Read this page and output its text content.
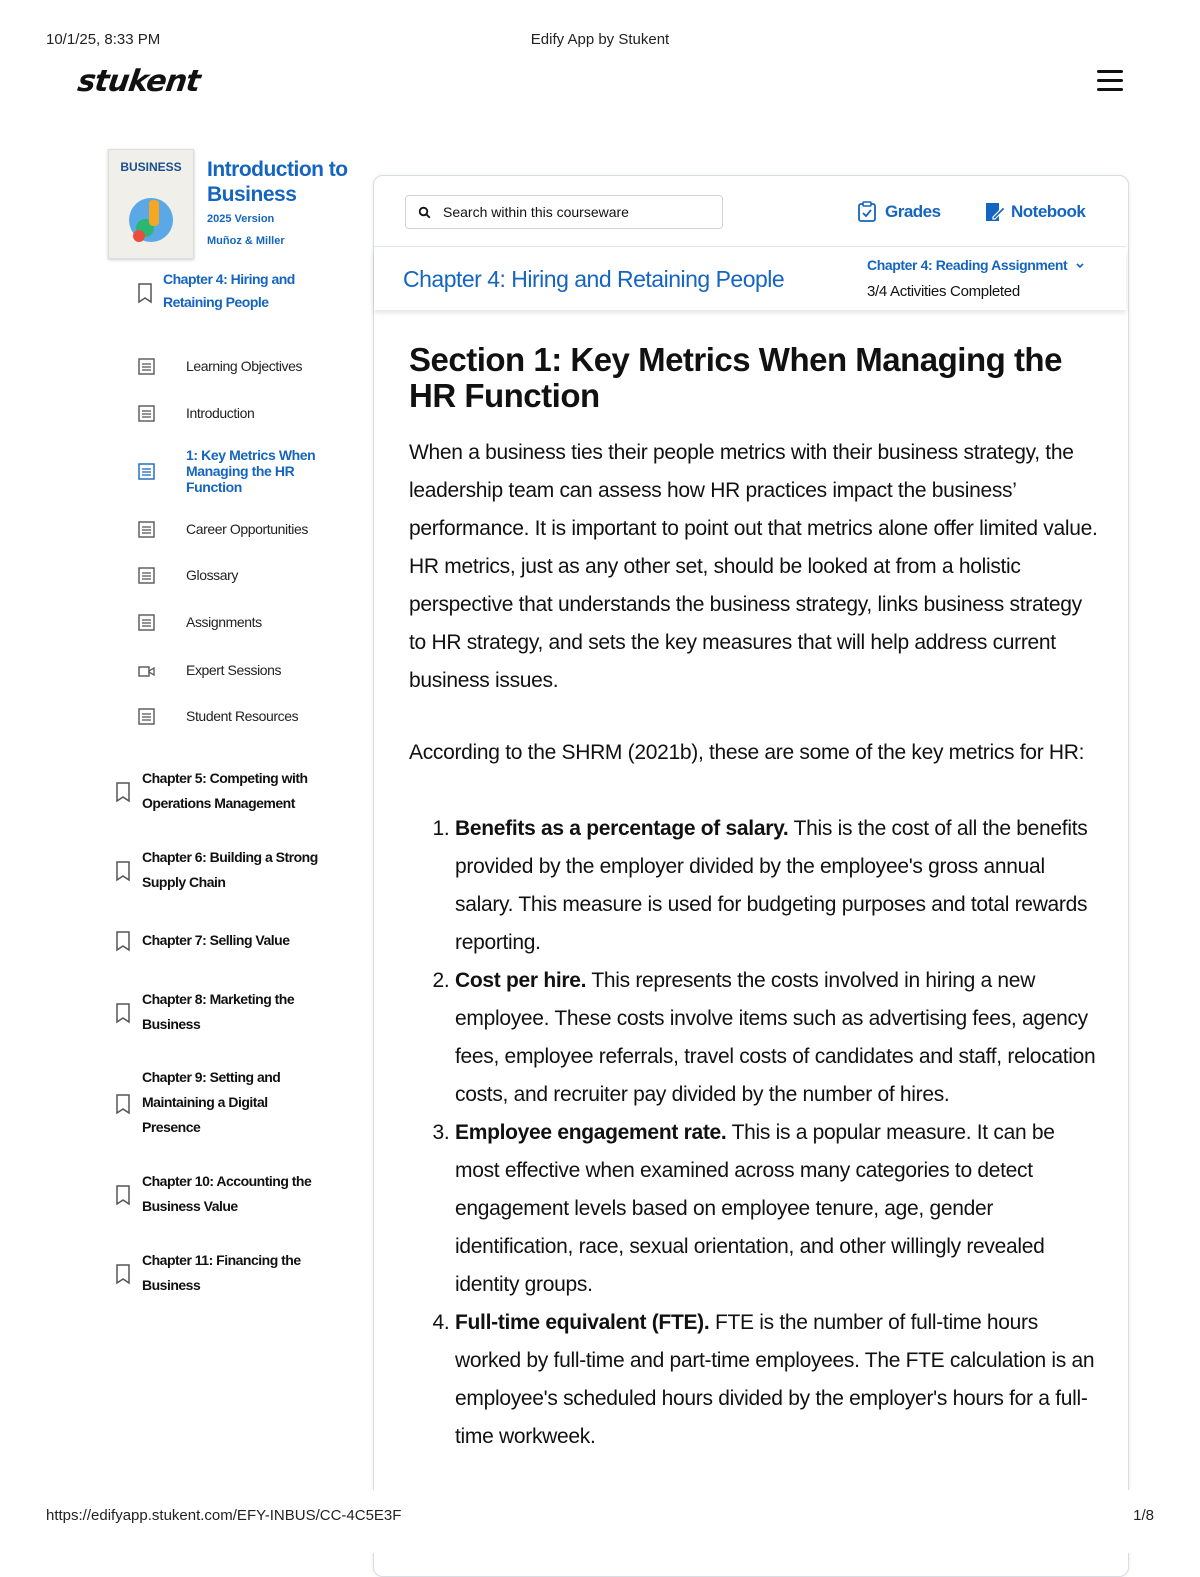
10/1/25, 8:33 PM	Edify App by Stukent
stukent
BUSINESS	Introduction to Business
2025 Version
Muñoz & Miller
Chapter 4: Hiring and Retaining People
Learning Objectives
Introduction
1: Key Metrics When Managing the HR Function
Career Opportunities
Glossary
Assignments
Expert Sessions
Student Resources
Chapter 5: Competing with Operations Management
Chapter 6: Building a Strong Supply Chain
Chapter 7: Selling Value
Chapter 8: Marketing the Business
Chapter 9: Setting and Maintaining a Digital Presence
Chapter 10: Accounting the Business Value
Chapter 11: Financing the Business
Search within this courseware
Grades	Notebook
Chapter 4: Hiring and Retaining People
Chapter 4: Reading Assignment
3/4 Activities Completed
Section 1: Key Metrics When Managing the HR Function

When a business ties their people metrics with their business strategy, the leadership team can assess how HR practices impact the business’ performance. It is important to point out that metrics alone offer limited value. HR metrics, just as any other set, should be looked at from a holistic perspective that understands the business strategy, links business strategy to HR strategy, and sets the key measures that will help address current business issues.

According to the SHRM (2021b), these are some of the key metrics for HR:

1. Benefits as a percentage of salary. This is the cost of all the benefits provided by the employer divided by the employee's gross annual salary. This measure is used for budgeting purposes and total rewards reporting.
2. Cost per hire. This represents the costs involved in hiring a new employee. These costs involve items such as advertising fees, agency fees, employee referrals, travel costs of candidates and staff, relocation costs, and recruiter pay divided by the number of hires.
3. Employee engagement rate. This is a popular measure. It can be most effective when examined across many categories to detect engagement levels based on employee tenure, age, gender identification, race, sexual orientation, and other willingly revealed identity groups.
4. Full-time equivalent (FTE). FTE is the number of full-time hours worked by full-time and part-time employees. The FTE calculation is an employee's scheduled hours divided by the employer's hours for a full-time workweek.
https://edifyapp.stukent.com/EFY-INBUS/CC-4C5E3F	1/8
